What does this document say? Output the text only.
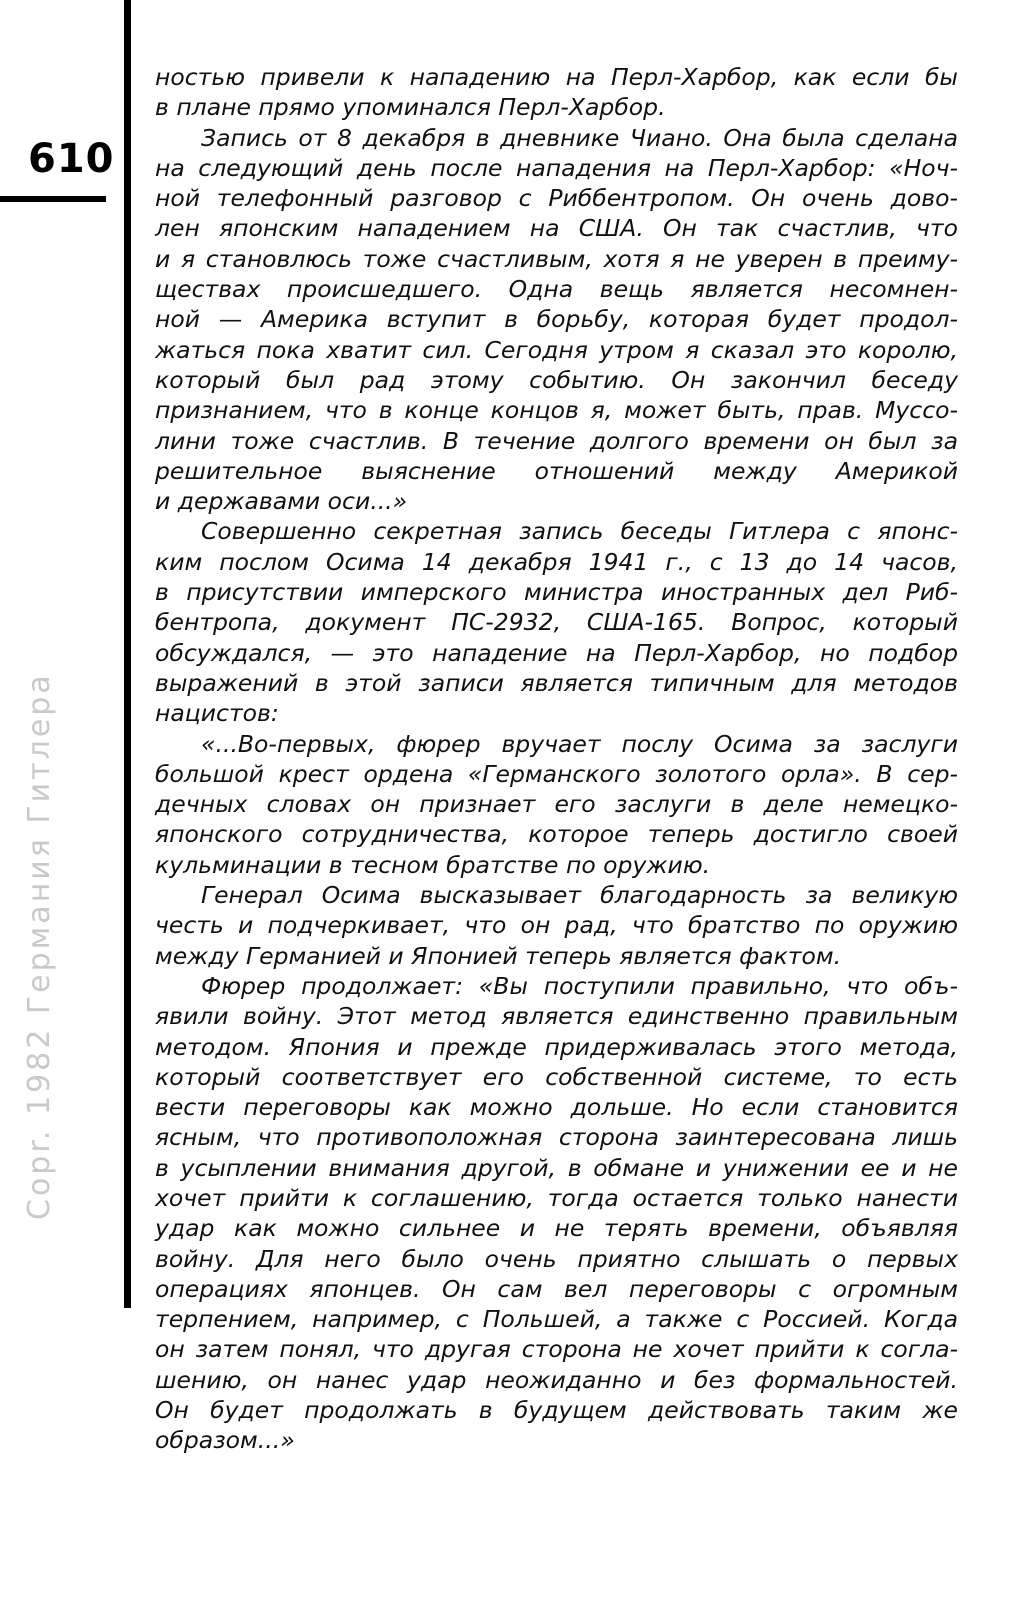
610
Copr. 1982 Германия Гитлера
ностью привели к нападению на Перл-Харбор, как если бы
в плане прямо упоминался Перл-Харбор.
Запись от 8 декабря в дневнике Чиано. Она была сделана
на следующий день после нападения на Перл-Харбор: «Ноч-
ной телефонный разговор с Риббентропом. Он очень дово-
лен японским нападением на США. Он так счастлив, что
и я становлюсь тоже счастливым, хотя я не уверен в преиму-
ществах происшедшего. Одна вещь является несомнен-
ной — Америка вступит в борьбу, которая будет продол-
жаться пока хватит сил. Сегодня утром я сказал это королю,
который был рад этому событию. Он закончил беседу
признанием, что в конце концов я, может быть, прав. Муссо-
лини тоже счастлив. В течение долгого времени он был за
решительное выяснение отношений между Америкой
и державами оси...»
Совершенно секретная запись беседы Гитлера с японс-
ким послом Осима 14 декабря 1941 г., с 13 до 14 часов,
в присутствии имперского министра иностранных дел Риб-
бентропа, документ ПС-2932, США-165. Вопрос, который
обсуждался, — это нападение на Перл-Харбор, но подбор
выражений в этой записи является типичным для методов
нацистов:
«...Во-первых, фюрер вручает послу Осима за заслуги
большой крест ордена «Германского золотого орла». В сер-
дечных словах он признает его заслуги в деле немецко-
японского сотрудничества, которое теперь достигло своей
кульминации в тесном братстве по оружию.
Генерал Осима высказывает благодарность за великую
честь и подчеркивает, что он рад, что братство по оружию
между Германией и Японией теперь является фактом.
Фюрер продолжает: «Вы поступили правильно, что объ-
явили войну. Этот метод является единственно правильным
методом. Япония и прежде придерживалась этого метода,
который соответствует его собственной системе, то есть
вести переговоры как можно дольше. Но если становится
ясным, что противоположная сторона заинтересована лишь
в усыплении внимания другой, в обмане и унижении ее и не
хочет прийти к соглашению, тогда остается только нанести
удар как можно сильнее и не терять времени, объявляя
войну. Для него было очень приятно слышать о первых
операциях японцев. Он сам вел переговоры с огромным
терпением, например, с Польшей, а также с Россией. Когда
он затем понял, что другая сторона не хочет прийти к согла-
шению, он нанес удар неожиданно и без формальностей.
Он будет продолжать в будущем действовать таким же
образом...»
